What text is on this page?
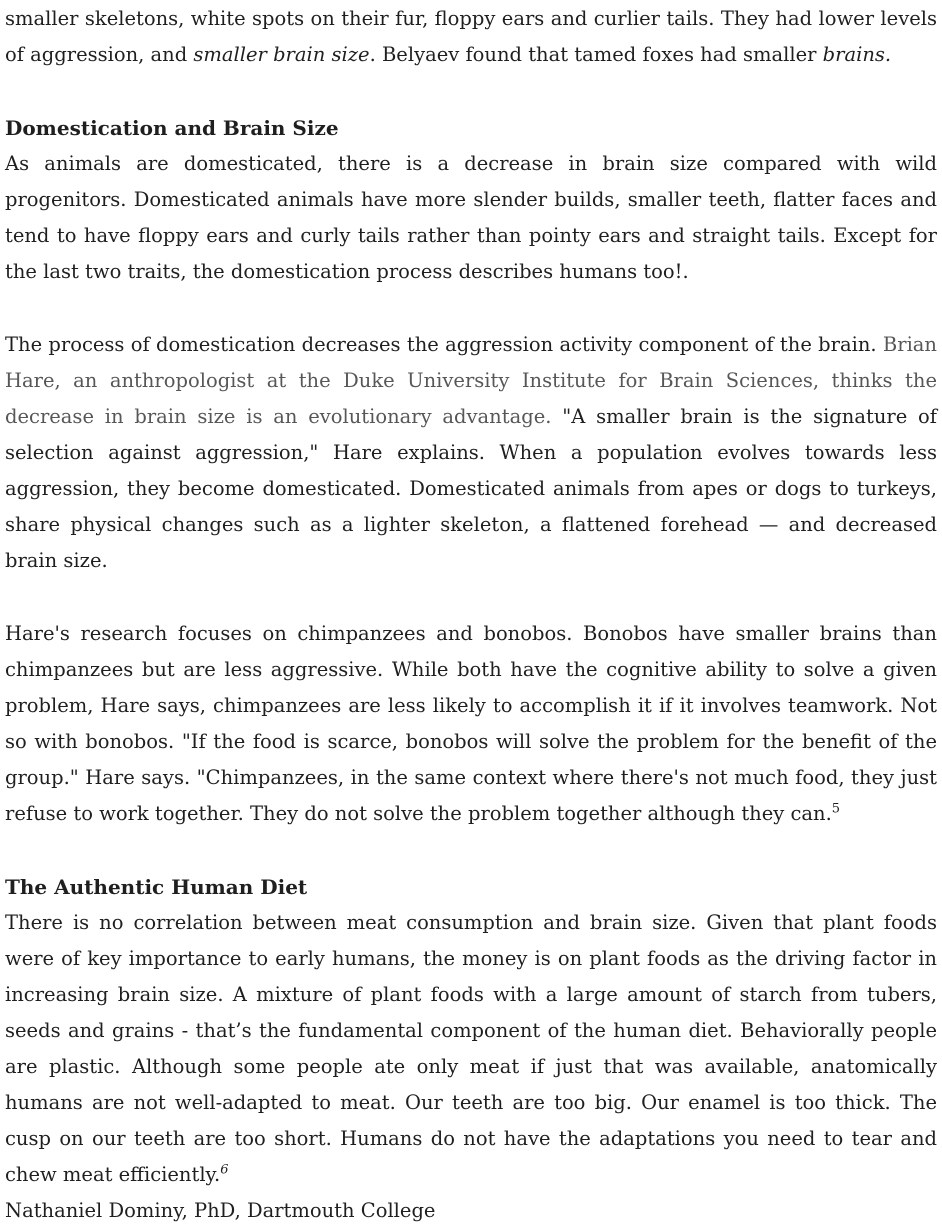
smaller skeletons, white spots on their fur, floppy ears and curlier tails. They had lower levels of aggression, and smaller brain size. Belyaev found that tamed foxes had smaller brains.

Domestication and Brain Size

As animals are domesticated, there is a decrease in brain size compared with wild progenitors. Domesticated animals have more slender builds, smaller teeth, flatter faces and tend to have floppy ears and curly tails rather than pointy ears and straight tails. Except for the last two traits, the domestication process describes humans too!.

The process of domestication decreases the aggression activity component of the brain. Brian Hare, an anthropologist at the Duke University Institute for Brain Sciences, thinks the decrease in brain size is an evolutionary advantage. "A smaller brain is the signature of selection against aggression," Hare explains. When a population evolves towards less aggression, they become domesticated. Domesticated animals from apes or dogs to turkeys, share physical changes such as a lighter skeleton, a flattened forehead — and decreased brain size.

Hare's research focuses on chimpanzees and bonobos. Bonobos have smaller brains than chimpanzees but are less aggressive. While both have the cognitive ability to solve a given problem, Hare says, chimpanzees are less likely to accomplish it if it involves teamwork. Not so with bonobos. "If the food is scarce, bonobos will solve the problem for the benefit of the group." Hare says. "Chimpanzees, in the same context where there's not much food, they just refuse to work together. They do not solve the problem together although they can.$^5$

The Authentic Human Diet

There is no correlation between meat consumption and brain size. Given that plant foods were of key importance to early humans, the money is on plant foods as the driving factor in increasing brain size. A mixture of plant foods with a large amount of starch from tubers, seeds and grains - that’s the fundamental component of the human diet. Behaviorally people are plastic. Although some people ate only meat if just that was available, anatomically humans are not well-adapted to meat. Our teeth are too big. Our enamel is too thick. The cusp on our teeth are too short. Humans do not have the adaptations you need to tear and chew meat efficiently.$^6$

Nathaniel Dominy, PhD, Dartmouth College
